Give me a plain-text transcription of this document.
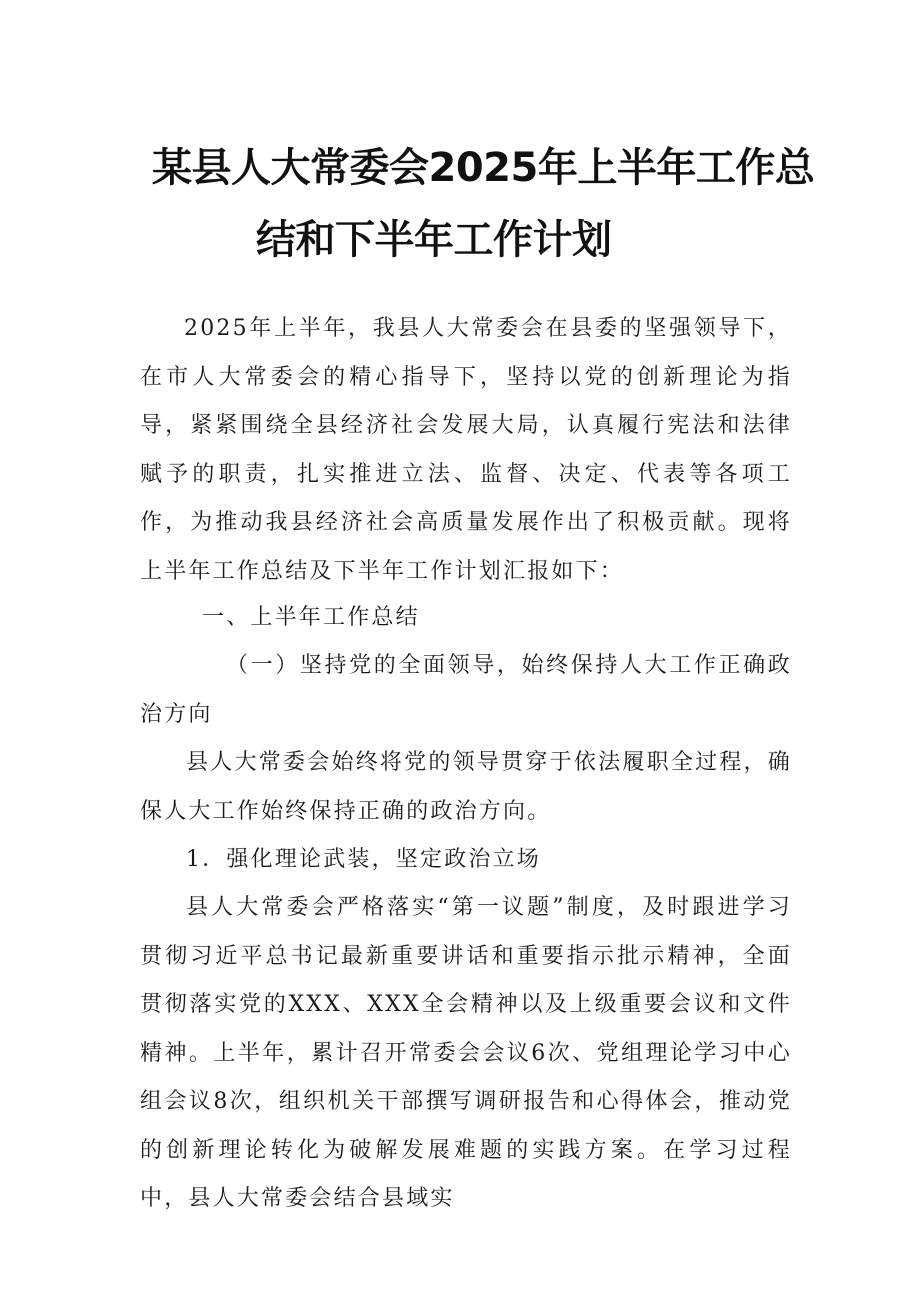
某县人大常委会2025年上半年工作总
结和下半年工作计划
2025年上半年，我县人大常委会在县委的坚强领导下，在市人大常委会的精心指导下，坚持以党的创新理论为指导，紧紧围绕全县经济社会发展大局，认真履行宪法和法律赋予的职责，扎实推进立法、监督、决定、代表等各项工作，为推动我县经济社会高质量发展作出了积极贡献。现将上半年工作总结及下半年工作计划汇报如下：
一、上半年工作总结
（一）坚持党的全面领导，始终保持人大工作正确政治方向
县人大常委会始终将党的领导贯穿于依法履职全过程，确保人大工作始终保持正确的政治方向。
1．强化理论武装，坚定政治立场
县人大常委会严格落实“第一议题”制度，及时跟进学习贯彻习近平总书记最新重要讲话和重要指示批示精神，全面贯彻落实党的XXX、XXX全会精神以及上级重要会议和文件精神。上半年，累计召开常委会会议6次、党组理论学习中心组会议8次，组织机关干部撰写调研报告和心得体会，推动党的创新理论转化为破解发展难题的实践方案。在学习过程中，县人大常委会结合县域实
